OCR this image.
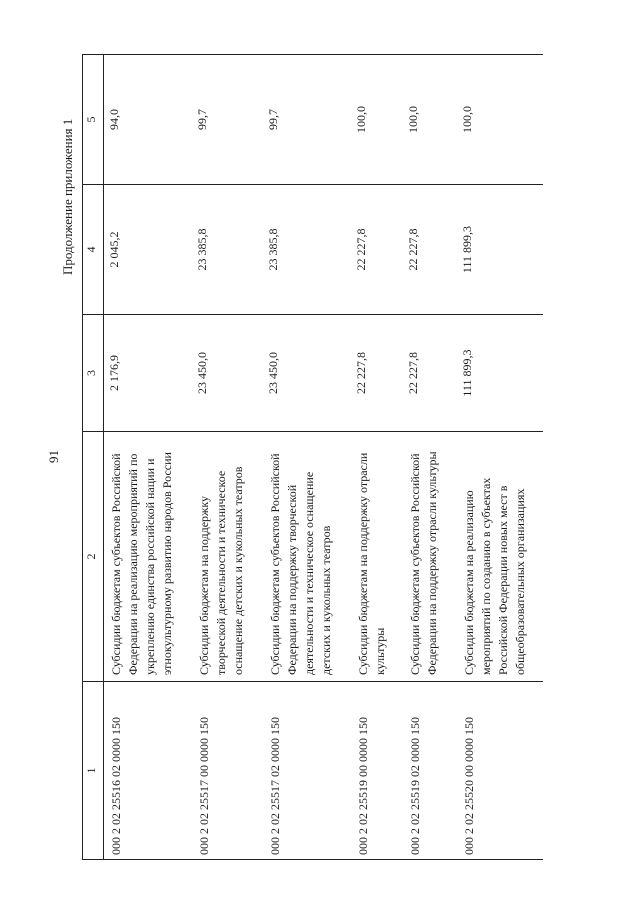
91

Продолжение приложения 1

1	2	3	4	5
000 2 02 25516 02 0000 150	Субсидии бюджетам субъектов Российской Федерации на реализацию мероприятий по укреплению единства российской нации и этнокультурному развитию народов России	2 176,9	2 045,2	94,0
000 2 02 25517 00 0000 150	Субсидии бюджетам на поддержку творческой деятельности и техническое оснащение детских и кукольных театров	23 450,0	23 385,8	99,7
000 2 02 25517 02 0000 150	Субсидии бюджетам субъектов Российской Федерации на поддержку творческой деятельности и техническое оснащение детских и кукольных театров	23 450,0	23 385,8	99,7
000 2 02 25519 00 0000 150	Субсидии бюджетам на поддержку отрасли культуры	22 227,8	22 227,8	100,0
000 2 02 25519 02 0000 150	Субсидии бюджетам субъектов Российской Федерации на поддержку отрасли культуры	22 227,8	22 227,8	100,0
000 2 02 25520 00 0000 150	Субсидии бюджетам на реализацию мероприятий по созданию в субъектах Российской Федерации новых мест в общеобразовательных организациях	111 899,3	111 899,3	100,0
